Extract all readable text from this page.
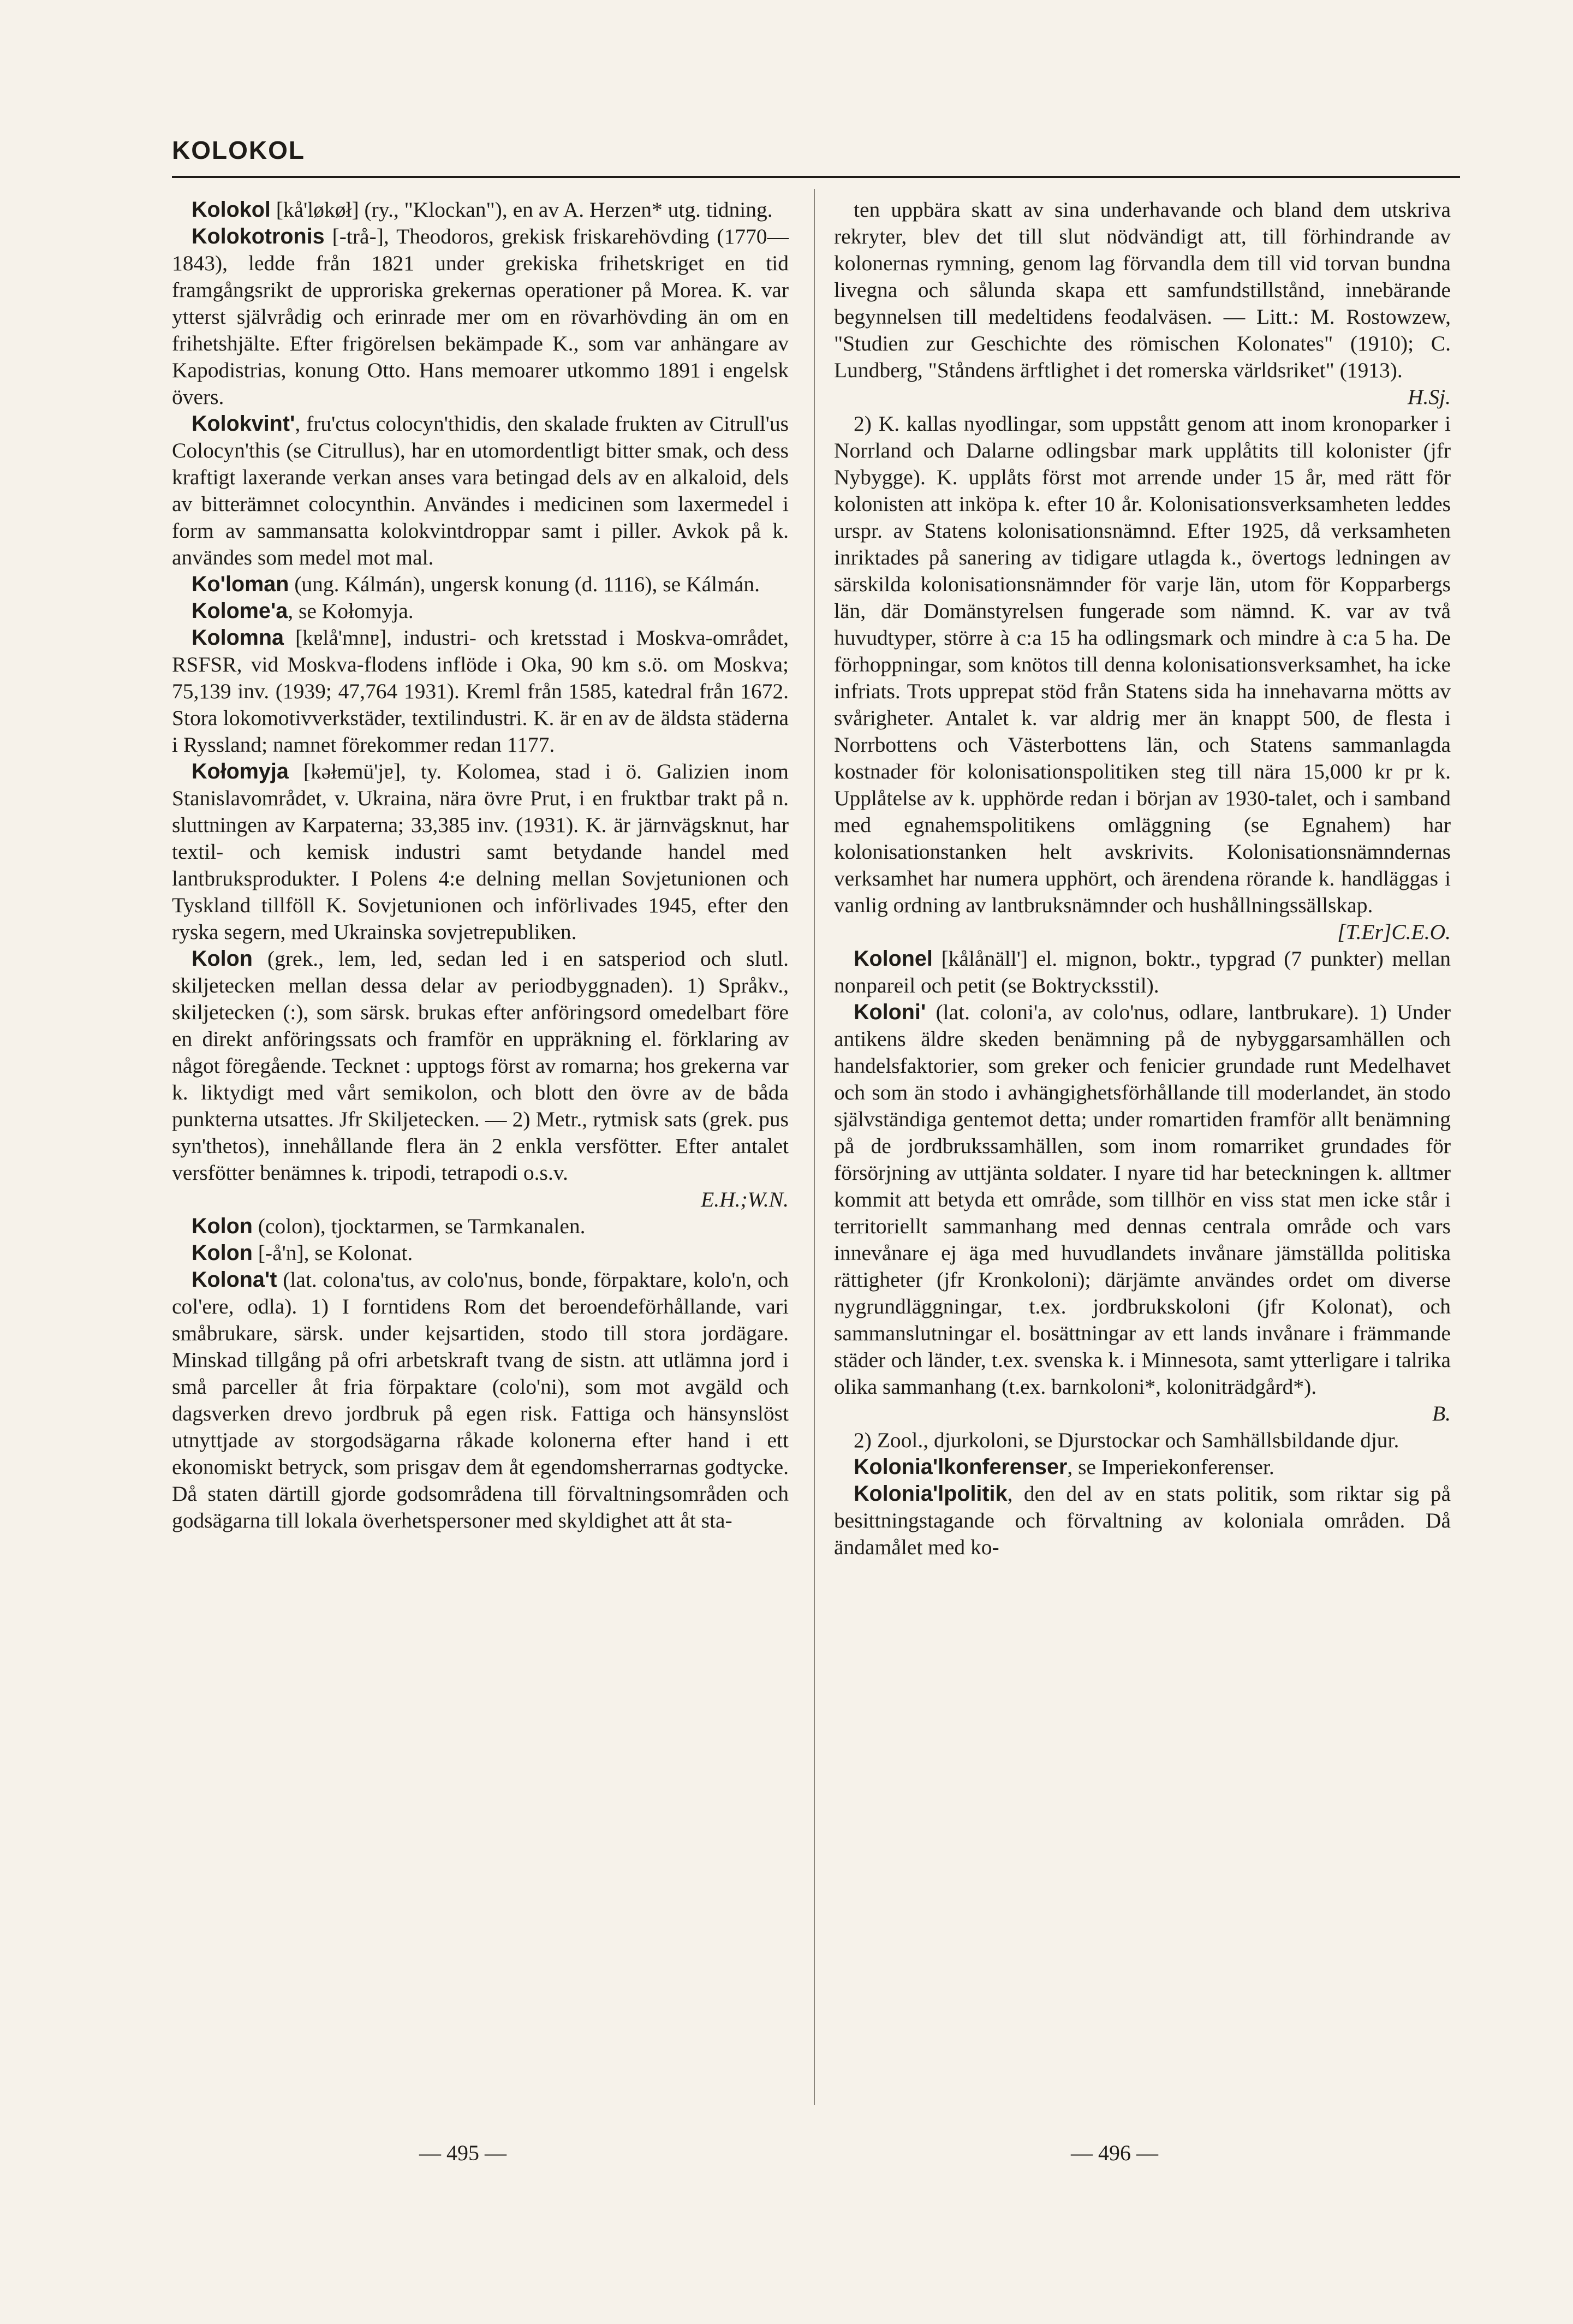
KOLOKOL

Kolokol [kå'løkøł] (ry., "Klockan"), en av A. Herzen* utg. tidning.

Kolokotronis [-trå-], Theodoros, grekisk friskarehövding (1770—1843), ledde från 1821 under grekiska frihetskriget en tid framgångsrikt de upproriska grekernas operationer på Morea. K. var ytterst självrådig och erinrade mer om en rövarhövding än om en frihetshjälte. Efter frigörelsen bekämpade K., som var anhängare av Kapodistrias, konung Otto. Hans memoarer utkommo 1891 i engelsk övers.

Kolokvint', fru'ctus colocyn'thidis, den skalade frukten av Citrull'us Colocyn'this (se Citrullus), har en utomordentligt bitter smak, och dess kraftigt laxerande verkan anses vara betingad dels av en alkaloid, dels av bitterämnet colocynthin. Användes i medicinen som laxermedel i form av sammansatta kolokvintdroppar samt i piller. Avkok på k. användes som medel mot mal.

Ko'loman (ung. Kálmán), ungersk konung (d. 1116), se Kálmán.

Kolome'a, se Kołomyja.

Kolomna [kɐlå'mnɐ], industri- och kretsstad i Moskva-området, RSFSR, vid Moskva-flodens inflöde i Oka, 90 km s.ö. om Moskva; 75,139 inv. (1939; 47,764 1931). Kreml från 1585, katedral från 1672. Stora lokomotivverkstäder, textilindustri. K. är en av de äldsta städerna i Ryssland; namnet förekommer redan 1177.

Kołomyja [kəłɐmü'jɐ], ty. Kolomea, stad i ö. Galizien inom Stanislavområdet, v. Ukraina, nära övre Prut, i en fruktbar trakt på n. sluttningen av Karpaterna; 33,385 inv. (1931). K. är järnvägsknut, har textil- och kemisk industri samt betydande handel med lantbruksprodukter. I Polens 4:e delning mellan Sovjetunionen och Tyskland tillföll K. Sovjetunionen och införlivades 1945, efter den ryska segern, med Ukrainska sovjetrepubliken.

Kolon (grek., lem, led, sedan led i en satsperiod och slutl. skiljetecken mellan dessa delar av periodbyggnaden). 1) Språkv., skiljetecken (:), som särsk. brukas efter anföringsord omedelbart före en direkt anföringssats och framför en uppräkning el. förklaring av något föregående. Tecknet : upptogs först av romarna; hos grekerna var k. liktydigt med vårt semikolon, och blott den övre av de båda punkterna utsattes. Jfr Skiljetecken. — 2) Metr., rytmisk sats (grek. pus syn'thetos), innehållande flera än 2 enkla versfötter. Efter antalet versfötter benämnes k. tripodi, tetrapodi o.s.v.
E.H.;W.N.

Kolon (colon), tjocktarmen, se Tarmkanalen.

Kolon [-å'n], se Kolonat.

Kolona't (lat. colona'tus, av colo'nus, bonde, förpaktare, kolo'n, och col'ere, odla). 1) I forntidens Rom det beroendeförhållande, vari småbrukare, särsk. under kejsartiden, stodo till stora jordägare. Minskad tillgång på ofri arbetskraft tvang de sistn. att utlämna jord i små parceller åt fria förpaktare (colo'ni), som mot avgäld och dagsverken drevo jordbruk på egen risk. Fattiga och hänsynslöst utnyttjade av storgodsägarna råkade kolonerna efter hand i ett ekonomiskt betryck, som prisgav dem åt egendomsherrarnas godtycke. Då staten därtill gjorde godsområdena till förvaltningsområden och godsägarna till lokala överhetspersoner med skyldighet att åt sta-

ten uppbära skatt av sina underhavande och bland dem utskriva rekryter, blev det till slut nödvändigt att, till förhindrande av kolonernas rymning, genom lag förvandla dem till vid torvan bundna livegna och sålunda skapa ett samfundstillstånd, innebärande begynnelsen till medeltidens feodalväsen. — Litt.: M. Rostowzew, "Studien zur Geschichte des römischen Kolonates" (1910); C. Lundberg, "Ståndens ärftlighet i det romerska världsriket" (1913).
H.Sj.

2) K. kallas nyodlingar, som uppstått genom att inom kronoparker i Norrland och Dalarne odlingsbar mark upplåtits till kolonister (jfr Nybygge). K. upplåts först mot arrende under 15 år, med rätt för kolonisten att inköpa k. efter 10 år. Kolonisationsverksamheten leddes urspr. av Statens kolonisationsnämnd. Efter 1925, då verksamheten inriktades på sanering av tidigare utlagda k., övertogs ledningen av särskilda kolonisationsnämnder för varje län, utom för Kopparbergs län, där Domänstyrelsen fungerade som nämnd. K. var av två huvudtyper, större à c:a 15 ha odlingsmark och mindre à c:a 5 ha. De förhoppningar, som knötos till denna kolonisationsverksamhet, ha icke infriats. Trots upprepat stöd från Statens sida ha innehavarna mötts av svårigheter. Antalet k. var aldrig mer än knappt 500, de flesta i Norrbottens och Västerbottens län, och Statens sammanlagda kostnader för kolonisationspolitiken steg till nära 15,000 kr pr k. Upplåtelse av k. upphörde redan i början av 1930-talet, och i samband med egnahemspolitikens omläggning (se Egnahem) har kolonisationstanken helt avskrivits. Kolonisationsnämndernas verksamhet har numera upphört, och ärendena rörande k. handläggas i vanlig ordning av lantbruksnämnder och hushållningssällskap.
[T.Er]C.E.O.

Kolonel [kålånäll'] el. mignon, boktr., typgrad (7 punkter) mellan nonpareil och petit (se Boktrycksstil).

Koloni' (lat. coloni'a, av colo'nus, odlare, lantbrukare). 1) Under antikens äldre skeden benämning på de nybyggarsamhällen och handelsfaktorier, som greker och fenicier grundade runt Medelhavet och som än stodo i avhängighetsförhållande till moderlandet, än stodo självständiga gentemot detta; under romartiden framför allt benämning på de jordbrukssamhällen, som inom romarriket grundades för försörjning av uttjänta soldater. I nyare tid har beteckningen k. alltmer kommit att betyda ett område, som tillhör en viss stat men icke står i territoriellt sammanhang med dennas centrala område och vars innevånare ej äga med huvudlandets invånare jämställda politiska rättigheter (jfr Kronkoloni); därjämte användes ordet om diverse nygrundläggningar, t.ex. jordbrukskoloni (jfr Kolonat), och sammanslutningar el. bosättningar av ett lands invånare i främmande städer och länder, t.ex. svenska k. i Minnesota, samt ytterligare i talrika olika sammanhang (t.ex. barnkoloni*, koloniträdgård*).
B.

2) Zool., djurkoloni, se Djurstockar och Samhällsbildande djur.

Kolonia'lkonferenser, se Imperiekonferenser.

Kolonia'lpolitik, den del av en stats politik, som riktar sig på besittningstagande och förvaltning av koloniala områden. Då ändamålet med ko-

— 495 —	— 496 —
